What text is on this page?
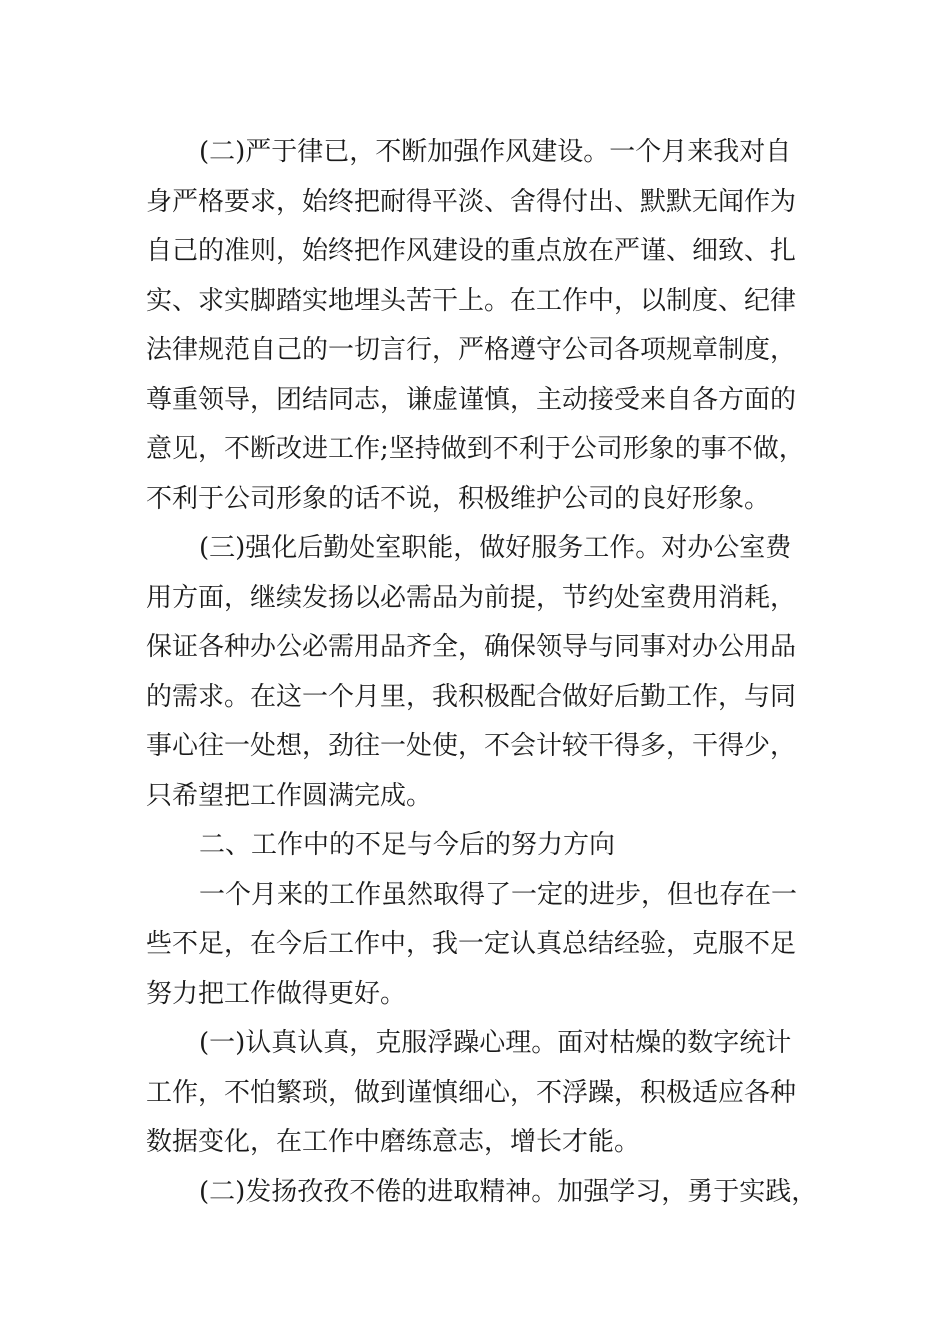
(二)严于律已，不断加强作风建设。一个月来我对自
身严格要求，始终把耐得平淡、舍得付出、默默无闻作为
自己的准则，始终把作风建设的重点放在严谨、细致、扎
实、求实脚踏实地埋头苦干上。在工作中，以制度、纪律
法律规范自己的一切言行，严格遵守公司各项规章制度，
尊重领导，团结同志，谦虚谨慎，主动接受来自各方面的
意见，不断改进工作;坚持做到不利于公司形象的事不做，
不利于公司形象的话不说，积极维护公司的良好形象。
(三)强化后勤处室职能，做好服务工作。对办公室费
用方面，继续发扬以必需品为前提，节约处室费用消耗，
保证各种办公必需用品齐全，确保领导与同事对办公用品
的需求。在这一个月里，我积极配合做好后勤工作，与同
事心往一处想，劲往一处使，不会计较干得多，干得少，
只希望把工作圆满完成。
二、工作中的不足与今后的努力方向
一个月来的工作虽然取得了一定的进步，但也存在一
些不足，在今后工作中，我一定认真总结经验，克服不足
努力把工作做得更好。
(一)认真认真，克服浮躁心理。面对枯燥的数字统计
工作，不怕繁琐，做到谨慎细心，不浮躁，积极适应各种
数据变化，在工作中磨练意志，增长才能。
(二)发扬孜孜不倦的进取精神。加强学习，勇于实践，
